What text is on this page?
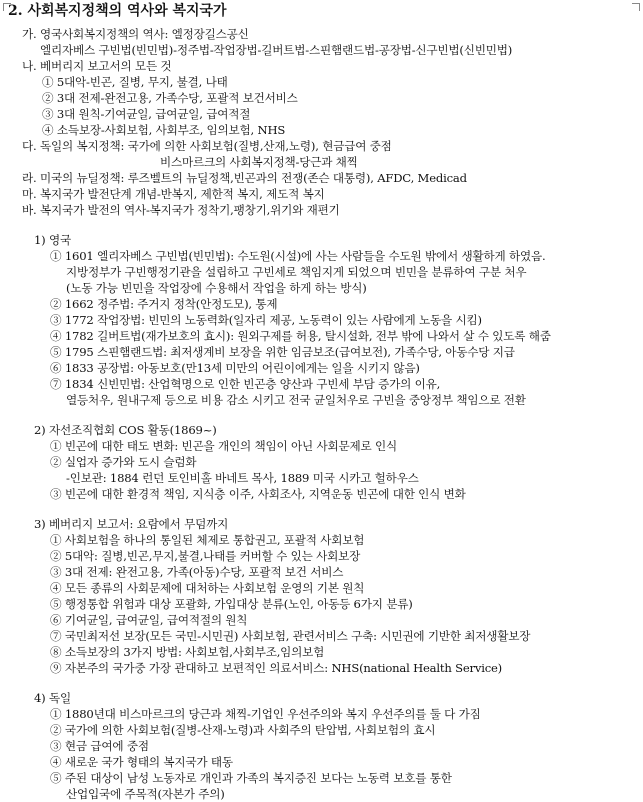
2. 사회복지정책의 역사와 복지국가
가. 영국사회복지정책의 역사: 엘정장길스공신
엘리자베스 구빈법(빈민법)-정주법-작업장법-길버트법-스핀햄랜드법-공장법-신구빈법(신빈민법)
나. 베버리지 보고서의 모든 것
① 5대악-빈곤, 질병, 무지, 불결, 나태
② 3대 전제-완전고용, 가족수당, 포괄적 보건서비스
③ 3대 원칙-기여균일, 급여균일, 급여적절
④ 소득보장-사회보험, 사회부조, 임의보험, NHS
다. 독일의 복지정책: 국가에 의한 사회보험(질병,산재,노령), 현금급여 중점
비스마르크의 사회복지정책-당근과 채찍
라. 미국의 뉴딜정책: 루즈벨트의 뉴딜정책,빈곤과의 전쟁(존슨 대통령), AFDC, Medicad
마. 복지국가 발전단계 개념-반복지, 제한적 복지, 제도적 복지
바. 복지국가 발전의 역사-복지국가 정착기,팽창기,위기와 재편기
1) 영국
① 1601 엘리자베스 구빈법(빈민법): 수도원(시설)에 사는 사람들을 수도원 밖에서 생활하게 하였음.
지방정부가 구빈행정기관을 설립하고 구빈세로 책임지게 되었으며 빈민을 분류하여 구분 처우
(노동 가능 빈민을 작업장에 수용해서 작업을 하게 하는 방식)
② 1662 정주법: 주거지 정착(안정도모), 통제
③ 1772 작업장법: 빈민의 노동력화(일자리 제공, 노동력이 있는 사람에게 노동을 시킴)
④ 1782 길버트법(재가보호의 효시): 원외구제를 허용, 탈시설화, 전부 밖에 나와서 살 수 있도록 해줌
⑤ 1795 스핀햄랜드법: 최저생계비 보장을 위한 임금보조(급여보전), 가족수당, 아동수당 지급
⑥ 1833 공장법: 아동보호(만13세 미만의 어린이에게는 일을 시키지 않음)
⑦ 1834 신빈민법: 산업혁명으로 인한 빈곤층 양산과 구빈세 부담 증가의 이유,
열등처우, 원내구제 등으로 비용 감소 시키고 전국 균일처우로 구빈을 중앙정부 책임으로 전환
2) 자선조직협회 COS 활동(1869~)
① 빈곤에 대한 태도 변화: 빈곤을 개인의 책임이 아닌 사회문제로 인식
② 실업자 증가와 도시 슬럼화
-인보관: 1884 런던 토인비홀 바네트 목사, 1889 미국 시카고 헐하우스
③ 빈곤에 대한 환경적 책임, 지식층 이주, 사회조사, 지역운동 빈곤에 대한 인식 변화
3) 베버리지 보고서: 요람에서 무덤까지
① 사회보험을 하나의 통일된 체제로 통합권고, 포괄적 사회보험
② 5대악: 질병,빈곤,무지,불결,나태를 커버할 수 있는 사회보장
③ 3대 전제: 완전고용, 가족(아동)수당, 포괄적 보건 서비스
④ 모든 종류의 사회문제에 대처하는 사회보험 운영의 기본 원칙
⑤ 행정통합 위험과 대상 포괄화, 가입대상 분류(노인, 아동등 6가지 분류)
⑥ 기여균일, 급여균일, 급여적절의 원칙
⑦ 국민최저선 보장(모든 국민-시민권) 사회보험, 관련서비스 구축: 시민권에 기반한 최저생활보장
⑧ 소득보장의 3가지 방법: 사회보험,사회부조,임의보험
⑨ 자본주의 국가중 가장 관대하고 보편적인 의료서비스: NHS(national Health Service)
4) 독일
① 1880년대 비스마르크의 당근과 채찍-기업인 우선주의와 복지 우선주의를 둘 다 가짐
② 국가에 의한 사회보험(질병-산재-노령)과 사회주의 탄압법, 사회보험의 효시
③ 현금 급여에 중점
④ 새로운 국가 형태의 복지국가 태동
⑤ 주된 대상이 남성 노동자로 개인과 가족의 복지증진 보다는 노동력 보호를 통한
산업입국에 주목적(자본가 주의)
